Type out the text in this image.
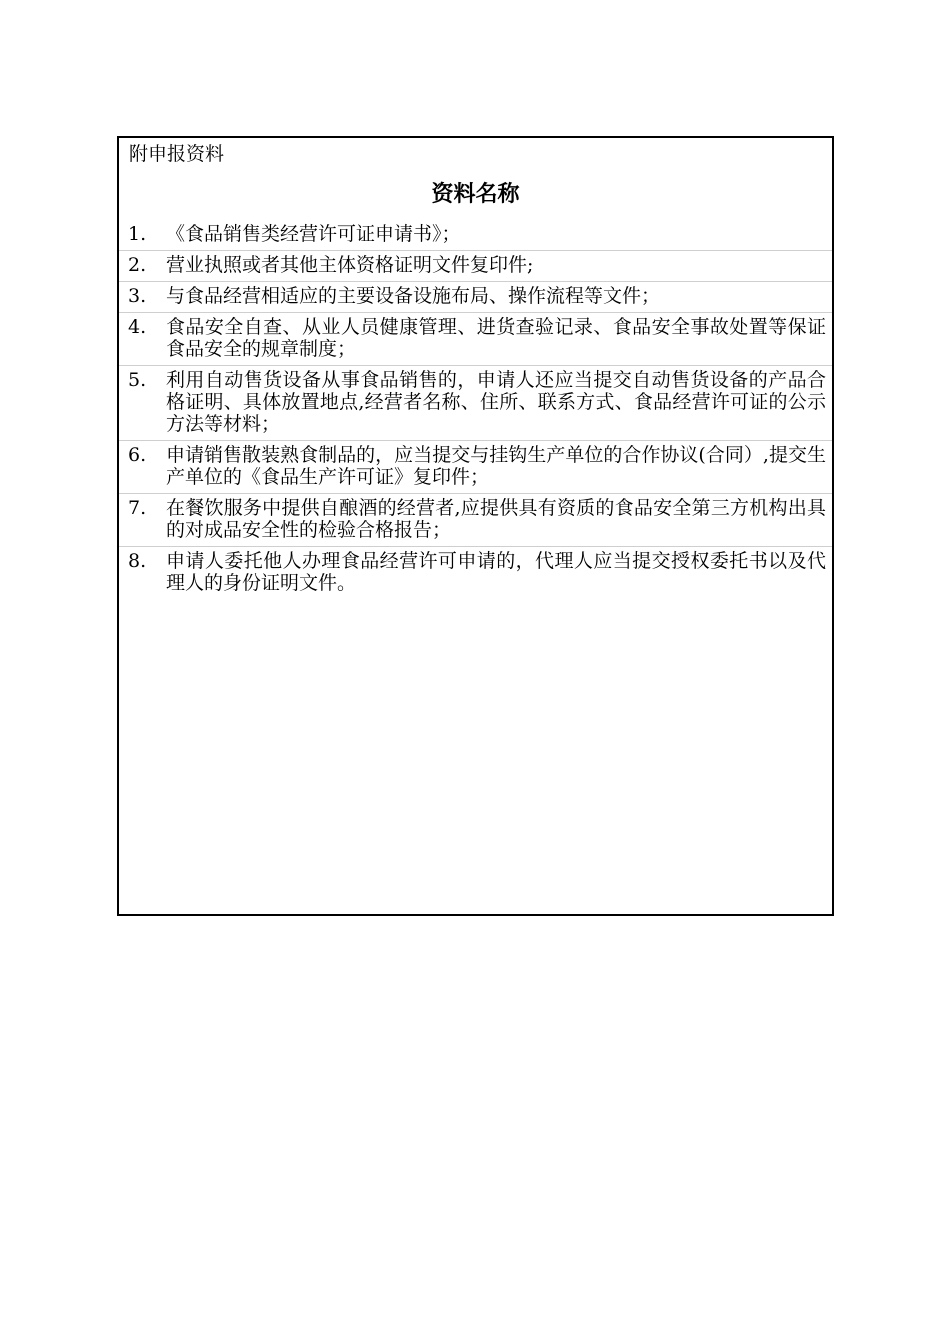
附申报资料
资料名称
1.	《食品销售类经营许可证申请书》；
2.	营业执照或者其他主体资格证明文件复印件;
3.	与食品经营相适应的主要设备设施布局、操作流程等文件；
4.	食品安全自查、从业人员健康管理、进货查验记录、食品安全事故处置等保证食品安全的规章制度；
5.	利用自动售货设备从事食品销售的，申请人还应当提交自动售货设备的产品合格证明、具体放置地点,经营者名称、住所、联系方式、食品经营许可证的公示方法等材料；
6.	申请销售散装熟食制品的，应当提交与挂钩生产单位的合作协议(合同）,提交生产单位的《食品生产许可证》复印件；
7.	在餐饮服务中提供自酿酒的经营者,应提供具有资质的食品安全第三方机构出具的对成品安全性的检验合格报告；
8.	申请人委托他人办理食品经营许可申请的，代理人应当提交授权委托书以及代理人的身份证明文件。
